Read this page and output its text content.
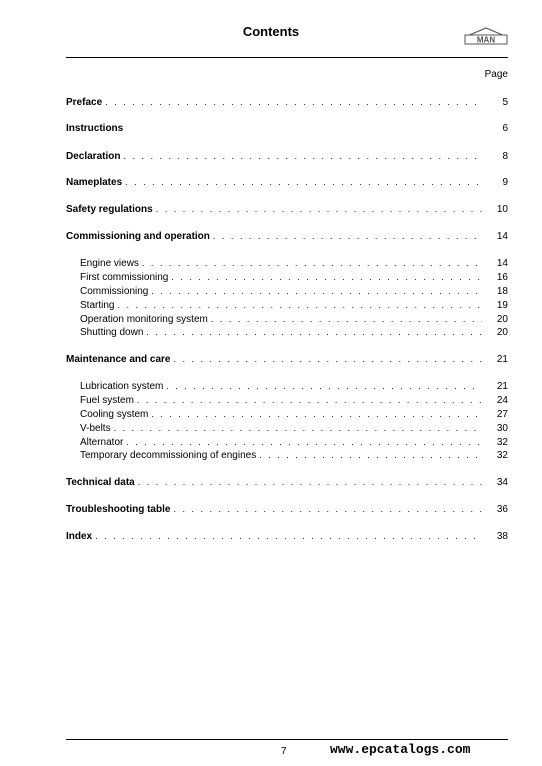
Contents
MAN
Page
Preface . . .	5
Instructions	6
Declaration . . .	8
Nameplates . . .	9
Safety regulations . . .	10
Commissioning and operation . . .	14
Engine views . . .	14
First commissioning . . .	16
Commissioning . . .	18
Starting . . .	19
Operation monitoring system . . .	20
Shutting down . . .	20
Maintenance and care . . .	21
Lubrication system . . .	21
Fuel system . . .	24
Cooling system . . .	27
V-belts . . .	30
Alternator . . .	32
Temporary decommissioning of engines . . .	32
Technical data . . .	34
Troubleshooting table . . .	36
Index . . .	38
7	www.epcatalogs.com
